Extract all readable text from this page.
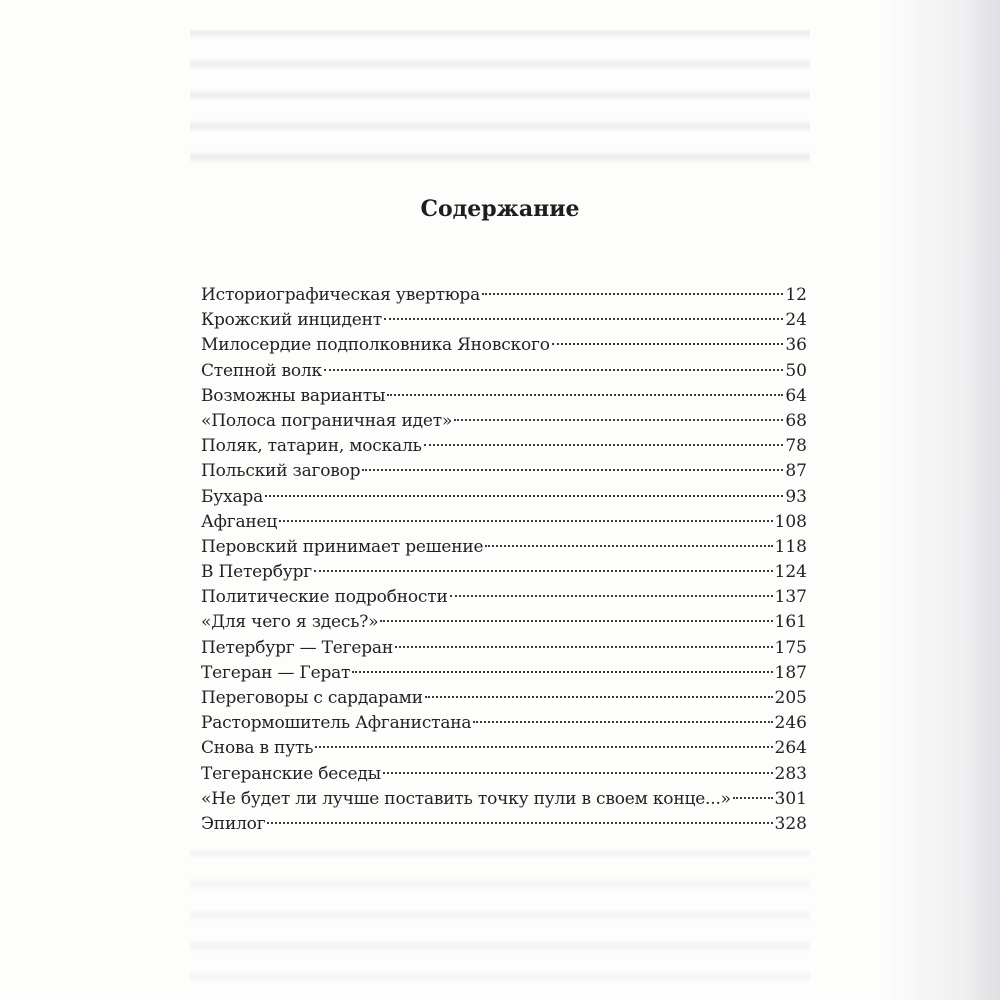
Содержание
Историографическая увертюра	12
Крожский инцидент	24
Милосердие подполковника Яновского	36
Степной волк	50
Возможны варианты	64
«Полоса пограничная идет»	68
Поляк, татарин, москаль	78
Польский заговор	87
Бухара	93
Афганец	108
Перовский принимает решение	118
В Петербург	124
Политические подробности	137
«Для чего я здесь?»	161
Петербург — Тегеран	175
Тегеран — Герат	187
Переговоры с сардарами	205
Растормошитель Афганистана	246
Снова в путь	264
Тегеранские беседы	283
«Не будет ли лучше поставить точку пули в своем конце...»	301
Эпилог	328
